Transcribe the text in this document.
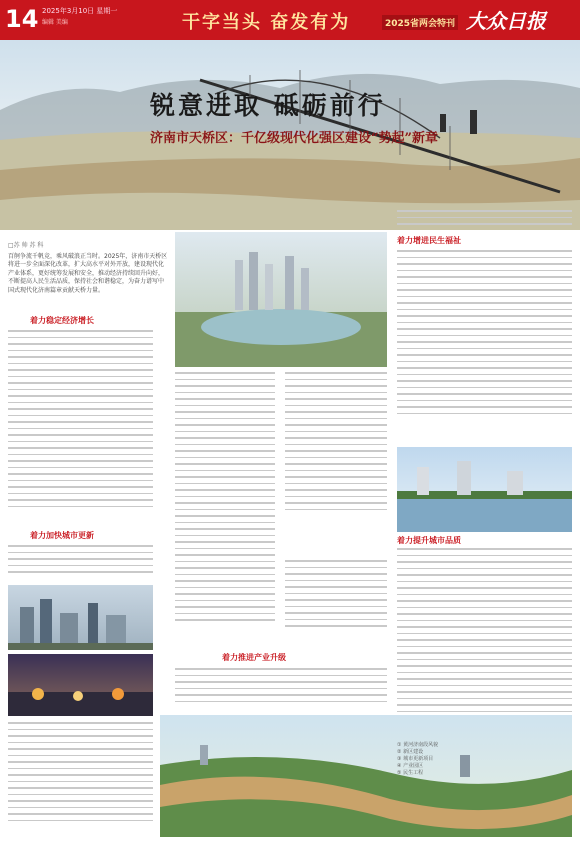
14 2025年3月10日 星期一
编辑 美编	干字当头 奋发有为	2025省两会特刊 大众日报
锐意进取 砥砺前行
济南市天桥区：千亿级现代化强区建设“势起”新章
□苏 帅 苏 科
百舸争流千帆竞，乘风破浪正当时。2025年，济南市天桥区将进一步全面深化改革，扩大高水平对外开放，建设现代化产业体系，更好统筹发展和安全，推动经济持续回升向好，不断提高人民生活品质，保持社会和谐稳定，为奋力谱写中国式现代化济南篇章贡献天桥力量。
着力稳定经济增长
着力加快城市更新
着力推进产业升级
着力增进民生福祉
着力提升城市品质
① 黄河济南段风貌
② 新区建设
③ 城市更新项目
④ 产业园区
⑤ 民生工程
